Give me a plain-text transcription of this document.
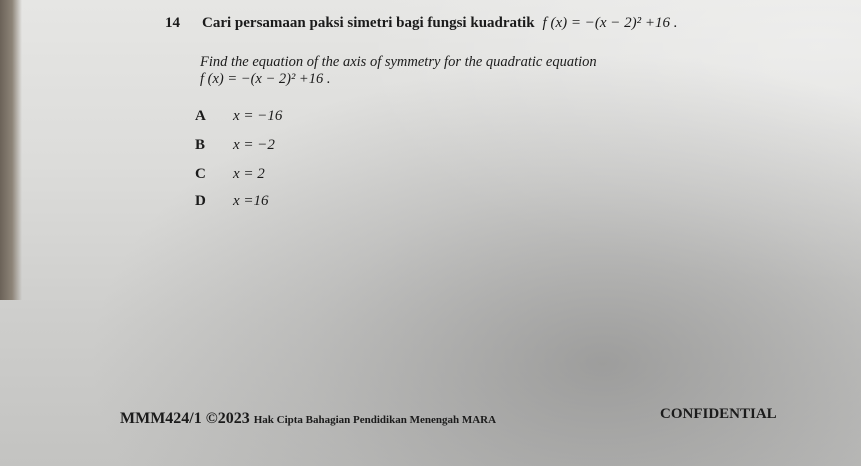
14 Cari persamaan paksi simetri bagi fungsi kuadratik f (x) = −(x − 2)² +16 .
Find the equation of the axis of symmetry for the quadratic equation
f (x) = −(x − 2)² +16 .
A x = −16
B x = −2
C x = 2
D x =16
MMM424/1 ©2023 Hak Cipta Bahagian Pendidikan Menengah MARA	CONFIDENTIAL
